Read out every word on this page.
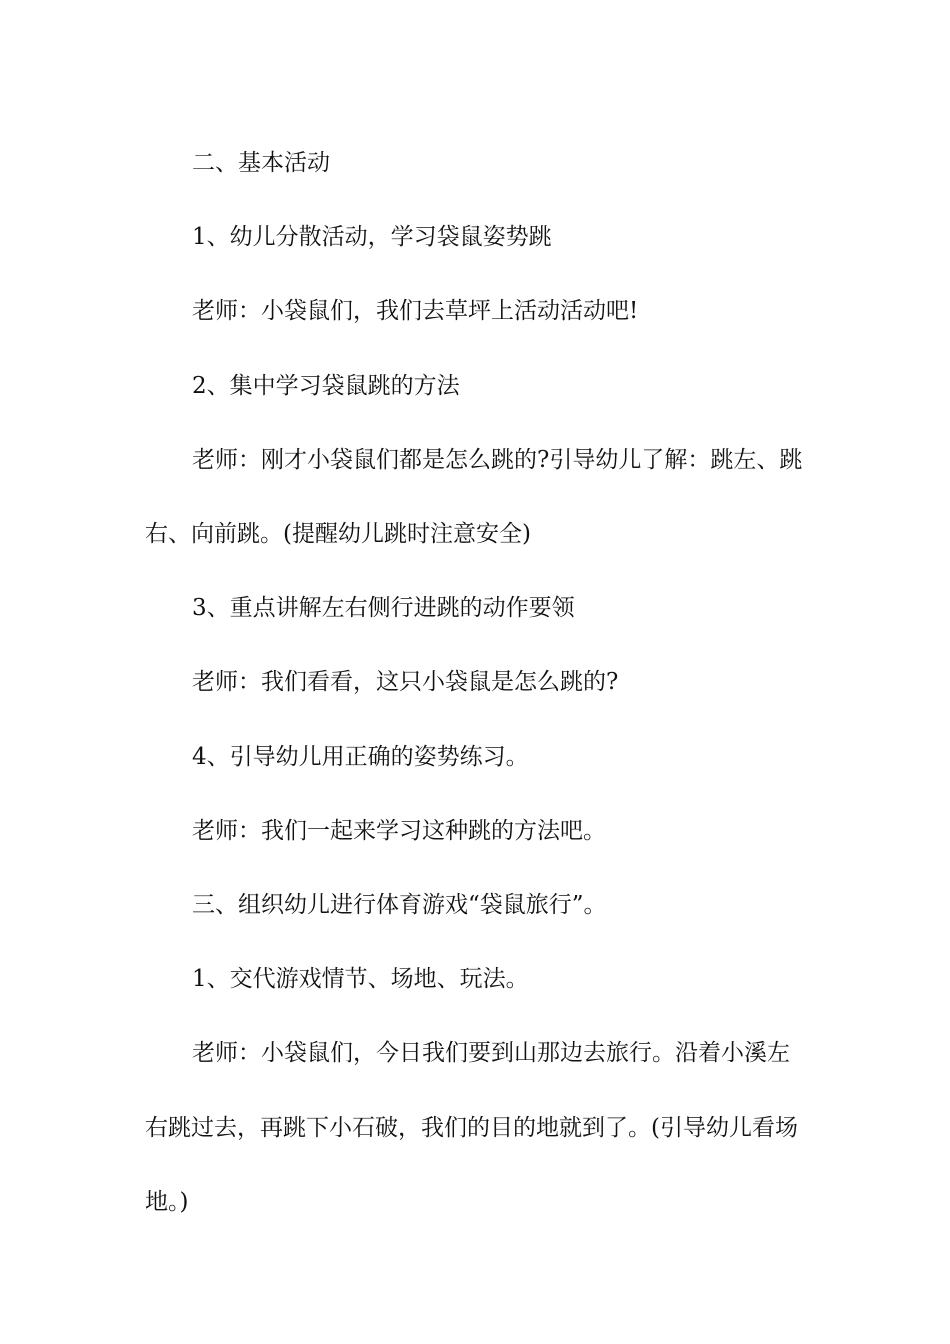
二、基本活动

1、幼儿分散活动，学习袋鼠姿势跳

老师：小袋鼠们，我们去草坪上活动活动吧!

2、集中学习袋鼠跳的方法

老师：刚才小袋鼠们都是怎么跳的?引导幼儿了解：跳左、跳右、向前跳。(提醒幼儿跳时注意安全)

3、重点讲解左右侧行进跳的动作要领

老师：我们看看，这只小袋鼠是怎么跳的?

4、引导幼儿用正确的姿势练习。

老师：我们一起来学习这种跳的方法吧。

三、组织幼儿进行体育游戏“袋鼠旅行”。

1、交代游戏情节、场地、玩法。

老师：小袋鼠们，今日我们要到山那边去旅行。沿着小溪左右跳过去，再跳下小石破，我们的目的地就到了。(引导幼儿看场地。)
